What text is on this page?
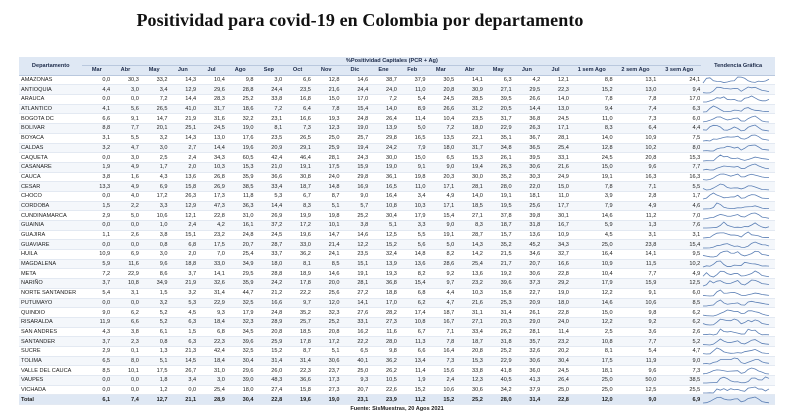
Positividad para covid-19 en Colombia por departamento
Departamento	%Positividad Capitales (PCR + Ag)																				Tendencia Gráfica
	Mar	Abr	May	Jun	Jul	Ago	Sep	Oct	Nov	Dic	Ene	Feb	Mar	Abr	May	Jun	Jul	1 sem Ago	2 sem Ago	3 sem Ago	
AMAZONAS	0,0	30,3	33,2	14,3	10,4	9,8	3,0	6,6	12,8	14,6	38,7	37,9	30,5	14,1	6,3	4,2	12,1	8,8	13,1	24,1	

ANTIOQUIA	4,4	3,0	3,4	12,9	29,6	28,8	24,4	23,5	21,6	24,4	24,0	11,0	20,8	30,9	27,1	29,5	22,3	15,2	13,0	9,4	

ARAUCA	0,0	0,0	7,2	14,4	28,3	25,2	33,8	16,8	15,0	17,0	7,2	5,4	24,5	28,5	39,5	26,6	14,0	7,8	7,8	17,0	

ATLANTICO	4,1	5,6	26,5	41,0	31,7	18,6	7,2	6,4	7,8	15,4	14,0	8,9	26,6	31,2	20,5	14,4	13,0	9,4	7,4	6,3	

BOGOTA DC	6,6	9,1	14,7	21,9	31,6	32,2	23,1	16,6	19,3	24,8	26,4	11,4	10,4	23,5	31,7	36,8	24,5	11,0	7,3	6,0	

BOLIVAR	8,8	7,7	20,1	25,1	24,5	19,0	8,1	7,3	12,3	19,0	13,9	5,0	7,2	18,0	22,9	26,3	17,1	8,3	6,4	4,4	

BOYACA	3,1	5,5	3,2	14,3	13,0	17,6	23,5	26,5	25,0	25,7	29,8	16,5	13,5	22,1	35,1	36,7	28,1	14,0	10,9	7,5	

CALDAS	3,2	4,7	3,0	2,7	14,4	19,6	20,9	29,1	25,9	19,4	24,2	7,9	18,0	31,7	34,8	36,5	25,4	12,8	10,2	8,0	

CAQUETA	0,0	3,0	2,5	2,4	34,3	60,5	42,4	46,4	28,1	24,3	30,0	15,0	6,5	15,3	26,1	39,5	33,1	24,5	20,8	15,3	

CASANARE	1,9	4,9	1,7	2,0	10,3	15,3	21,0	19,1	17,5	15,9	19,0	9,1	9,0	19,4	26,3	30,6	21,6	15,0	9,6	7,7	

CAUCA	3,8	1,6	4,3	13,6	26,8	35,9	36,6	30,8	24,0	29,8	36,1	19,8	20,3	30,0	35,2	30,3	24,9	19,1	16,3	16,3	

CESAR	13,3	4,9	6,9	15,8	26,9	38,5	33,4	18,7	14,8	16,9	16,5	11,0	17,1	28,1	28,0	22,0	15,0	7,8	7,1	5,5	

CHOCO	0,0	4,0	17,2	26,3	17,3	11,8	5,3	6,7	8,7	9,0	16,4	3,4	4,9	14,0	19,1	18,1	11,0	3,9	2,8	1,7	

CORDOBA	1,5	2,2	3,3	12,9	47,3	36,3	14,4	8,3	5,1	5,7	10,8	10,3	17,1	18,5	19,5	25,6	17,7	7,9	4,9	4,6	

CUNDINAMARCA	2,9	5,0	10,6	12,1	22,8	31,0	26,9	19,9	19,8	25,2	30,4	17,9	15,4	27,1	37,8	39,8	30,1	14,6	11,2	7,0	

GUAINIA	0,0	0,0	1,0	2,4	4,2	16,1	37,2	17,2	10,1	3,8	5,1	3,3	9,0	8,3	18,7	31,8	16,7	5,9	1,3	7,6	

GUAJIRA	1,1	2,6	3,8	15,1	23,2	24,8	24,5	19,6	14,7	14,6	12,5	5,5	19,1	28,7	15,7	13,6	10,9	4,5	3,1	3,1	

GUAVIARE	0,0	0,0	0,8	6,8	17,5	20,7	28,7	33,0	21,4	12,2	15,2	5,6	5,0	14,3	35,2	45,2	34,3	25,0	23,8	15,4	

HUILA	10,9	6,9	3,0	2,0	7,0	25,4	33,7	36,2	24,1	23,5	32,4	14,8	8,2	14,2	21,5	34,6	32,7	16,4	14,1	9,5	

MAGDALENA	5,9	11,6	9,6	18,8	33,0	34,9	18,0	8,1	8,5	15,1	13,9	13,6	28,6	25,4	21,7	20,7	16,6	10,9	11,5	10,2	

META	7,2	22,9	8,6	3,7	14,1	29,5	28,8	18,9	14,6	19,1	19,3	8,2	9,2	13,6	19,2	30,6	22,8	10,4	7,7	4,9	

NARIÑO	3,7	10,8	34,9	21,9	32,6	35,9	24,2	17,8	20,0	28,1	36,8	15,4	9,7	23,2	39,6	37,3	29,2	17,9	15,9	12,5	

NORTE SANTANDER	5,4	3,1	1,5	3,2	31,4	44,7	21,2	22,2	25,6	27,2	18,8	6,8	4,4	10,3	15,8	22,7	19,0	12,2	9,1	6,0	

PUTUMAYO	0,0	0,0	3,2	5,3	22,9	32,5	16,6	9,7	12,0	14,1	17,0	6,2	4,7	21,6	25,3	20,9	18,0	14,6	10,6	8,5	

QUINDIO	9,0	6,2	5,2	4,5	9,3	17,9	24,8	35,2	32,3	27,6	28,2	17,4	18,7	31,1	31,4	26,1	22,8	15,0	9,8	6,2	

RISARALDA	11,9	6,6	5,2	6,3	18,4	32,3	28,9	25,7	25,2	33,1	27,3	10,8	16,7	27,1	20,3	29,0	24,0	12,2	9,2	6,2	

SAN ANDRES	4,3	3,8	6,1	1,5	6,8	34,5	20,8	18,5	20,8	16,2	11,6	6,7	7,1	33,4	26,2	28,1	11,4	2,5	3,6	2,6	

SANTANDER	3,7	2,3	0,8	6,3	22,3	39,6	25,9	17,8	17,2	22,2	28,0	11,3	7,8	18,7	31,8	35,7	23,2	10,8	7,7	5,2	

SUCRE	2,9	0,1	1,3	21,3	42,4	32,5	15,2	8,7	5,1	6,5	9,8	6,6	16,4	20,8	25,2	32,6	20,2	8,1	5,4	4,7	

TOLIMA	6,5	8,0	5,1	14,5	18,4	30,4	31,4	31,4	30,6	40,1	36,2	13,4	7,3	15,3	22,9	30,6	30,4	17,5	11,9	9,0	

VALLE DEL CAUCA	8,5	10,1	17,5	26,7	31,0	29,6	26,0	22,3	23,7	25,0	26,2	11,4	15,6	33,8	41,8	36,0	24,5	18,1	9,6	7,3	

VAUPES	0,0	0,0	1,8	3,4	3,0	39,0	48,3	36,6	17,3	9,3	10,5	1,9	2,4	12,3	40,5	41,3	26,4	25,0	50,0	38,5	

VICHADA	0,0	0,0	1,2	0,0	25,4	18,0	27,4	15,8	27,3	20,7	22,6	15,2	10,6	30,6	34,2	37,9	25,0	25,0	12,5	25,5	

Total	6,1	7,4	12,7	21,1	28,9	30,4	22,8	19,6	19,0	23,1	23,9	11,2	15,2	25,2	28,0	31,4	22,8	12,0	9,0	6,9	

Fuente: SisMuestras, 20 Agos 2021																					
